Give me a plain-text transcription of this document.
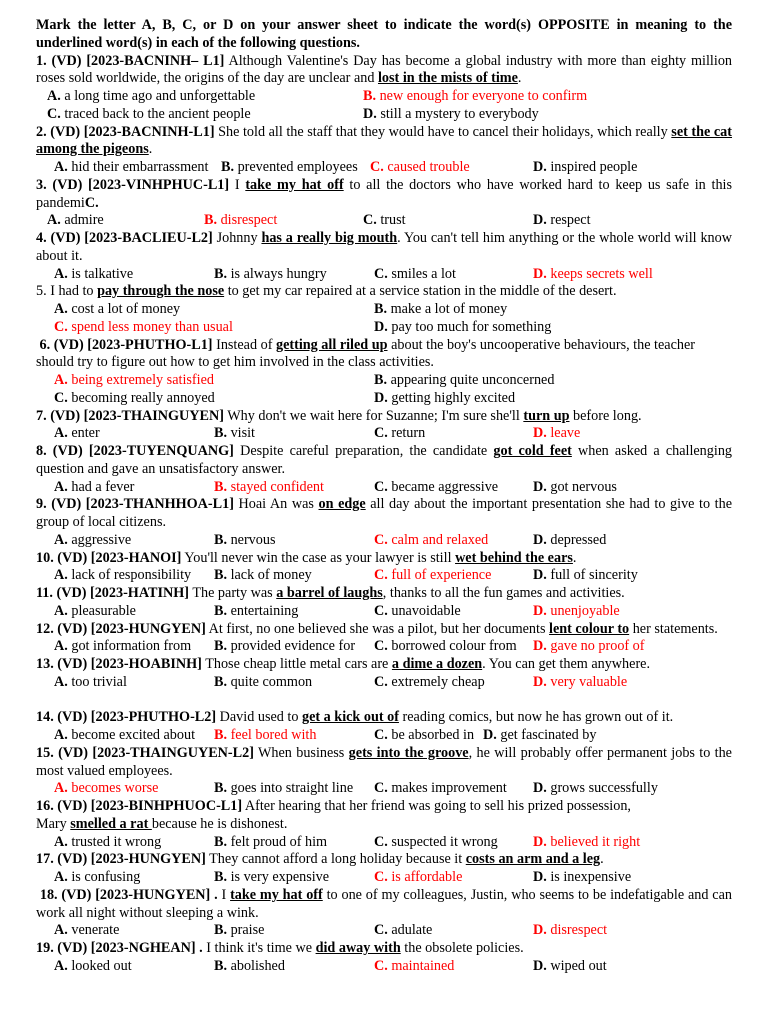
Mark the letter A, B, C, or D on your answer sheet to indicate the word(s) OPPOSITE in meaning to the underlined word(s) in each of the following questions.

1. (VD) [2023-BACNINH– L1] Although Valentine's Day has become a global industry with more than eighty million roses sold worldwide, the origins of the day are unclear and lost in the mists of time.

A. a long time ago and unforgettable	B. new enough for everyone to confirm
C. traced back to the ancient people	D. still a mystery to everybody

2. (VD) [2023-BACNINH-L1] She told all the staff that they would have to cancel their holidays, which really set the cat among the pigeons.

A. hid their embarrassment B. prevented employees C. caused trouble	D. inspired people

3. (VD) [2023-VINHPHUC-L1] I take my hat off to all the doctors who have worked hard to keep us safe in this pandemiC.

A. admire	B. disrespect	C. trust	D. respect

4. (VD) [2023-BACLIEU-L2] Johnny has a really big mouth. You can't tell him anything or the whole world will know about it.

A. is talkative	B. is always hungry	C. smiles a lot	D. keeps secrets well

5. I had to pay through the nose to get my car repaired at a service station in the middle of the desert.

A. cost a lot of money	B. make a lot of money
C. spend less money than usual	D. pay too much for something

6. (VD) [2023-PHUTHO-L1] Instead of getting all riled up about the boy's uncooperative behaviours, the teacher should try to figure out how to get him involved in the class activities.

A. being extremely satisfied	B. appearing quite unconcerned
C. becoming really annoyed	D. getting highly excited

7. (VD) [2023-THAINGUYEN] Why don't we wait here for Suzanne; I'm sure she'll turn up before long.

A. enter	B. visit	C. return	D. leave

8. (VD) [2023-TUYENQUANG] Despite careful preparation, the candidate got cold feet when asked a challenging question and gave an unsatisfactory answer.

A. had a fever	B. stayed confident	C. became aggressive D. got nervous

9. (VD) [2023-THANHHOA-L1] Hoai An was on edge all day about the important presentation she had to give to the group of local citizens.

A. aggressive	B. nervous	C. calm and relaxed	D. depressed

10. (VD) [2023-HANOI] You'll never win the case as your lawyer is still wet behind the ears.

A. lack of responsibility B. lack of money	C. full of experience	D. full of sincerity

11. (VD) [2023-HATINH] The party was a barrel of laughs, thanks to all the fun games and activities.

A. pleasurable	B. entertaining	C. unavoidable	D. unenjoyable

12. (VD) [2023-HUNGYEN] At first, no one believed she was a pilot, but her documents lent colour to her statements.

A. got information from B. provided evidence for C. borrowed colour from D. gave no proof of

13. (VD) [2023-HOABINH] Those cheap little metal cars are a dime a dozen. You can get them anywhere.

A. too trivial	B. quite common	C. extremely cheap	D. very valuable

14. (VD) [2023-PHUTHO-L2] David used to get a kick out of reading comics, but now he has grown out of it.

A. become excited about B. feel bored with	C. be absorbed in D. get fascinated by

15. (VD) [2023-THAINGUYEN-L2] When business gets into the groove, he will probably offer permanent jobs to the most valued employees.

A. becomes worse	B. goes into straight line C. makes improvement D. grows successfully

16. (VD) [2023-BINHPHUOC-L1] After hearing that her friend was going to sell his prized possession,
Mary smelled a rat because he is dishonest.

A. trusted it wrong	B. felt proud of him	C. suspected it wrong D. believed it right

17. (VD) [2023-HUNGYEN] They cannot afford a long holiday because it costs an arm and a leg.

A. is confusing	B. is very expensive	C. is affordable	D. is inexpensive

18. (VD) [2023-HUNGYEN] . I take my hat off to one of my colleagues, Justin, who seems to be indefatigable and can work all night without sleeping a wink.

A. venerate	B. praise	C. adulate	D. disrespect

19. (VD) [2023-NGHEAN] . I think it's time we did away with the obsolete policies.

A. looked out	B. abolished	C. maintained	D. wiped out
